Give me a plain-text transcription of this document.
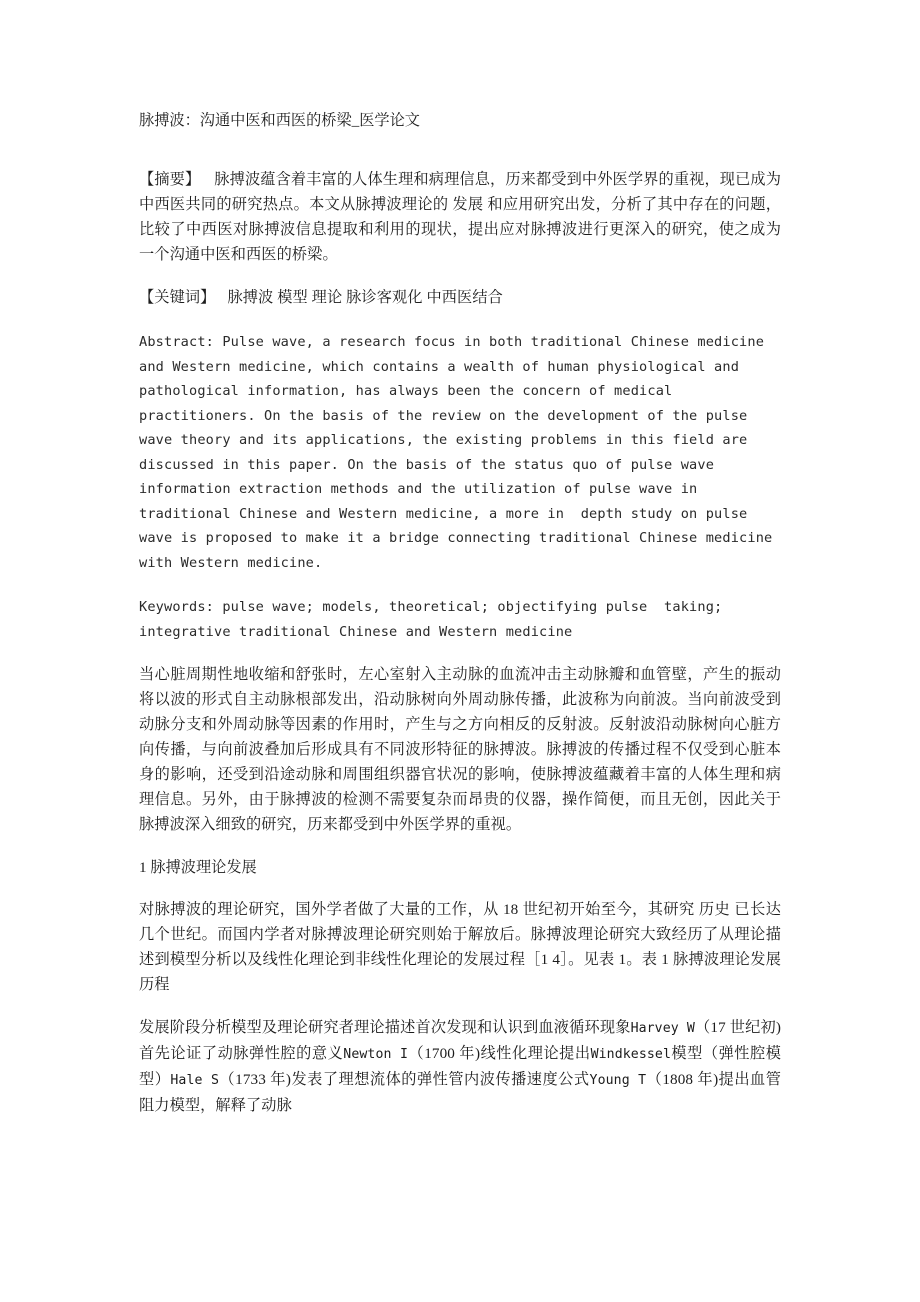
脉搏波：沟通中医和西医的桥梁_医学论文

【摘要】 脉搏波蕴含着丰富的人体生理和病理信息，历来都受到中外医学界的重视，现已成为中西医共同的研究热点。本文从脉搏波理论的 发展 和应用研究出发，分析了其中存在的问题，比较了中西医对脉搏波信息提取和利用的现状，提出应对脉搏波进行更深入的研究，使之成为一个沟通中医和西医的桥梁。

【关键词】 脉搏波 模型 理论 脉诊客观化 中西医结合

Abstract: Pulse wave, a research focus in both traditional Chinese medicine and Western medicine, which contains a wealth of human physiological and pathological information, has always been the concern of medical practitioners. On the basis of the review on the development of the pulse wave theory and its applications, the existing problems in this field are discussed in this paper. On the basis of the status quo of pulse wave information extraction methods and the utilization of pulse wave in traditional Chinese and Western medicine, a more in  depth study on pulse wave is proposed to make it a bridge connecting traditional Chinese medicine with Western medicine.

Keywords: pulse wave; models, theoretical; objectifying pulse  taking; integrative traditional Chinese and Western medicine

当心脏周期性地收缩和舒张时，左心室射入主动脉的血流冲击主动脉瓣和血管壁，产生的振动将以波的形式自主动脉根部发出，沿动脉树向外周动脉传播，此波称为向前波。当向前波受到动脉分支和外周动脉等因素的作用时，产生与之方向相反的反射波。反射波沿动脉树向心脏方向传播，与向前波叠加后形成具有不同波形特征的脉搏波。脉搏波的传播过程不仅受到心脏本身的影响，还受到沿途动脉和周围组织器官状况的影响，使脉搏波蕴藏着丰富的人体生理和病理信息。另外，由于脉搏波的检测不需要复杂而昂贵的仪器，操作简便，而且无创，因此关于脉搏波深入细致的研究，历来都受到中外医学界的重视。

1 脉搏波理论发展

对脉搏波的理论研究，国外学者做了大量的工作，从 18 世纪初开始至今，其研究 历史 已长达几个世纪。而国内学者对脉搏波理论研究则始于解放后。脉搏波理论研究大致经历了从理论描述到模型分析以及线性化理论到非线性化理论的发展过程［1 4］。见表 1。表 1 脉搏波理论发展历程

发展阶段分析模型及理论研究者理论描述首次发现和认识到血液循环现象Harvey W（17 世纪初)首先论证了动脉弹性腔的意义Newton I（1700 年)线性化理论提出Windkessel模型（弹性腔模型）Hale S（1733 年)发表了理想流体的弹性管内波传播速度公式Young T（1808 年)提出血管阻力模型，解释了动脉
